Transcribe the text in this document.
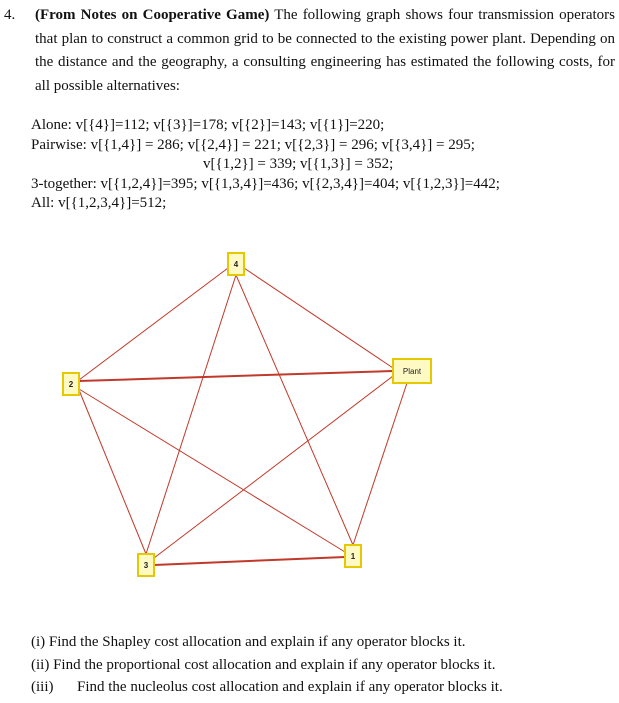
4. (From Notes on Cooperative Game) The following graph shows four transmission operators that plan to construct a common grid to be connected to the existing power plant. Depending on the distance and the geography, a consulting engineering has estimated the following costs, for all possible alternatives:
Alone: v[{4}]=112; v[{3}]=178; v[{2}]=143; v[{1}]=220;
Pairwise: v[{1,4}] = 286; v[{2,4}] = 221; v[{2,3}] = 296; v[{3,4}] = 295;
v[{1,2}] = 339; v[{1,3}] = 352;
3-together: v[{1,2,4}]=395; v[{1,3,4}]=436; v[{2,3,4}]=404; v[{1,2,3}]=442;
All: v[{1,2,3,4}]=512;
4
Plant
2
3
1
(i) Find the Shapley cost allocation and explain if any operator blocks it.
(ii) Find the proportional cost allocation and explain if any operator blocks it.
(iii) Find the nucleolus cost allocation and explain if any operator blocks it.
